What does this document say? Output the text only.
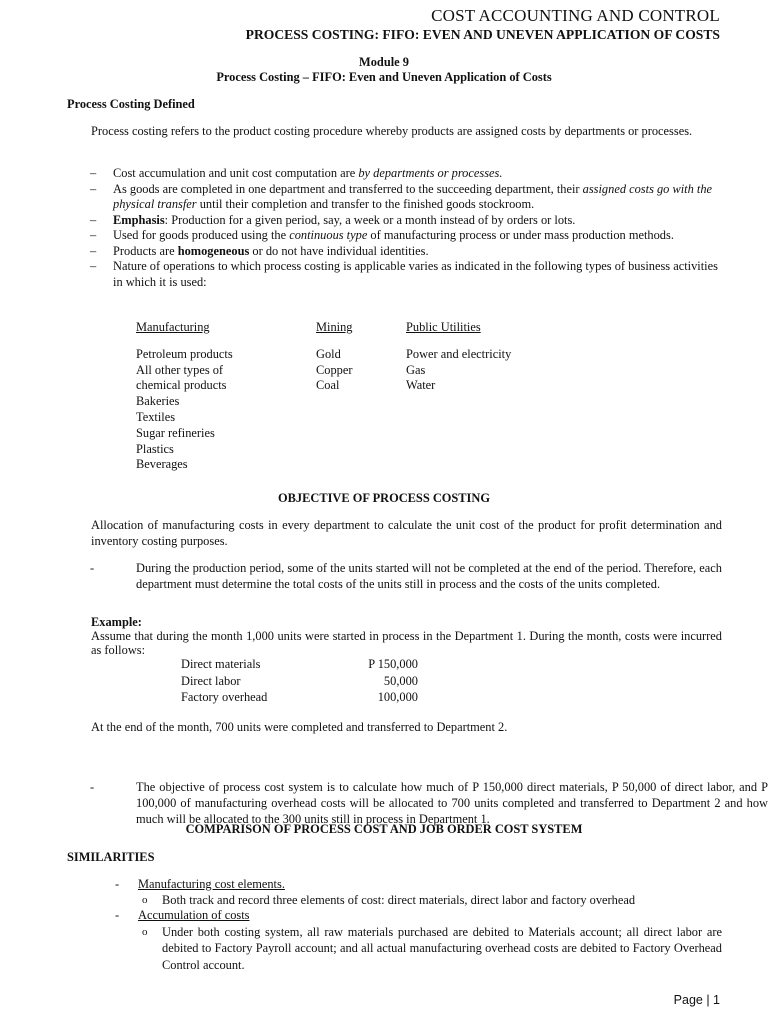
COST ACCOUNTING AND CONTROL
PROCESS COSTING: FIFO: EVEN AND UNEVEN APPLICATION OF COSTS
Module 9
Process Costing – FIFO: Even and Uneven Application of Costs
Process Costing Defined
Process costing refers to the product costing procedure whereby products are assigned costs by departments or processes.
– Cost accumulation and unit cost computation are by departments or processes.
– As goods are completed in one department and transferred to the succeeding department, their assigned costs go with the physical transfer until their completion and transfer to the finished goods stockroom.
– Emphasis: Production for a given period, say, a week or a month instead of by orders or lots.
– Used for goods produced using the continuous type of manufacturing process or under mass production methods.
– Products are homogeneous or do not have individual identities.
– Nature of operations to which process costing is applicable varies as indicated in the following types of business activities in which it is used:
Manufacturing	Mining	Public Utilities

Petroleum products	Gold	Power and electricity
All other types of	Copper	Gas
chemical products	Coal	Water
Bakeries		
Textiles		
Sugar refineries		
Plastics		
Beverages		
OBJECTIVE OF PROCESS COSTING
Allocation of manufacturing costs in every department to calculate the unit cost of the product for profit determination and inventory costing purposes.
- During the production period, some of the units started will not be completed at the end of the period. Therefore, each department must determine the total costs of the units still in process and the costs of the units completed.
Example:
Assume that during the month 1,000 units were started in process in the Department 1. During the month, costs were incurred as follows:
Direct materials	P 150,000
Direct labor	50,000
Factory overhead	100,000
At the end of the month, 700 units were completed and transferred to Department 2.
- The objective of process cost system is to calculate how much of P 150,000 direct materials, P 50,000 of direct labor, and P 100,000 of manufacturing overhead costs will be allocated to 700 units completed and transferred to Department 2 and how much will be allocated to the 300 units still in process in Department 1.
COMPARISON OF PROCESS COST AND JOB ORDER COST SYSTEM
SIMILARITIES
- Manufacturing cost elements.
o Both track and record three elements of cost: direct materials, direct labor and factory overhead
- Accumulation of costs
o Under both costing system, all raw materials purchased are debited to Materials account; all direct labor are debited to Factory Payroll account; and all actual manufacturing overhead costs are debited to Factory Overhead Control account.
Page | 1
